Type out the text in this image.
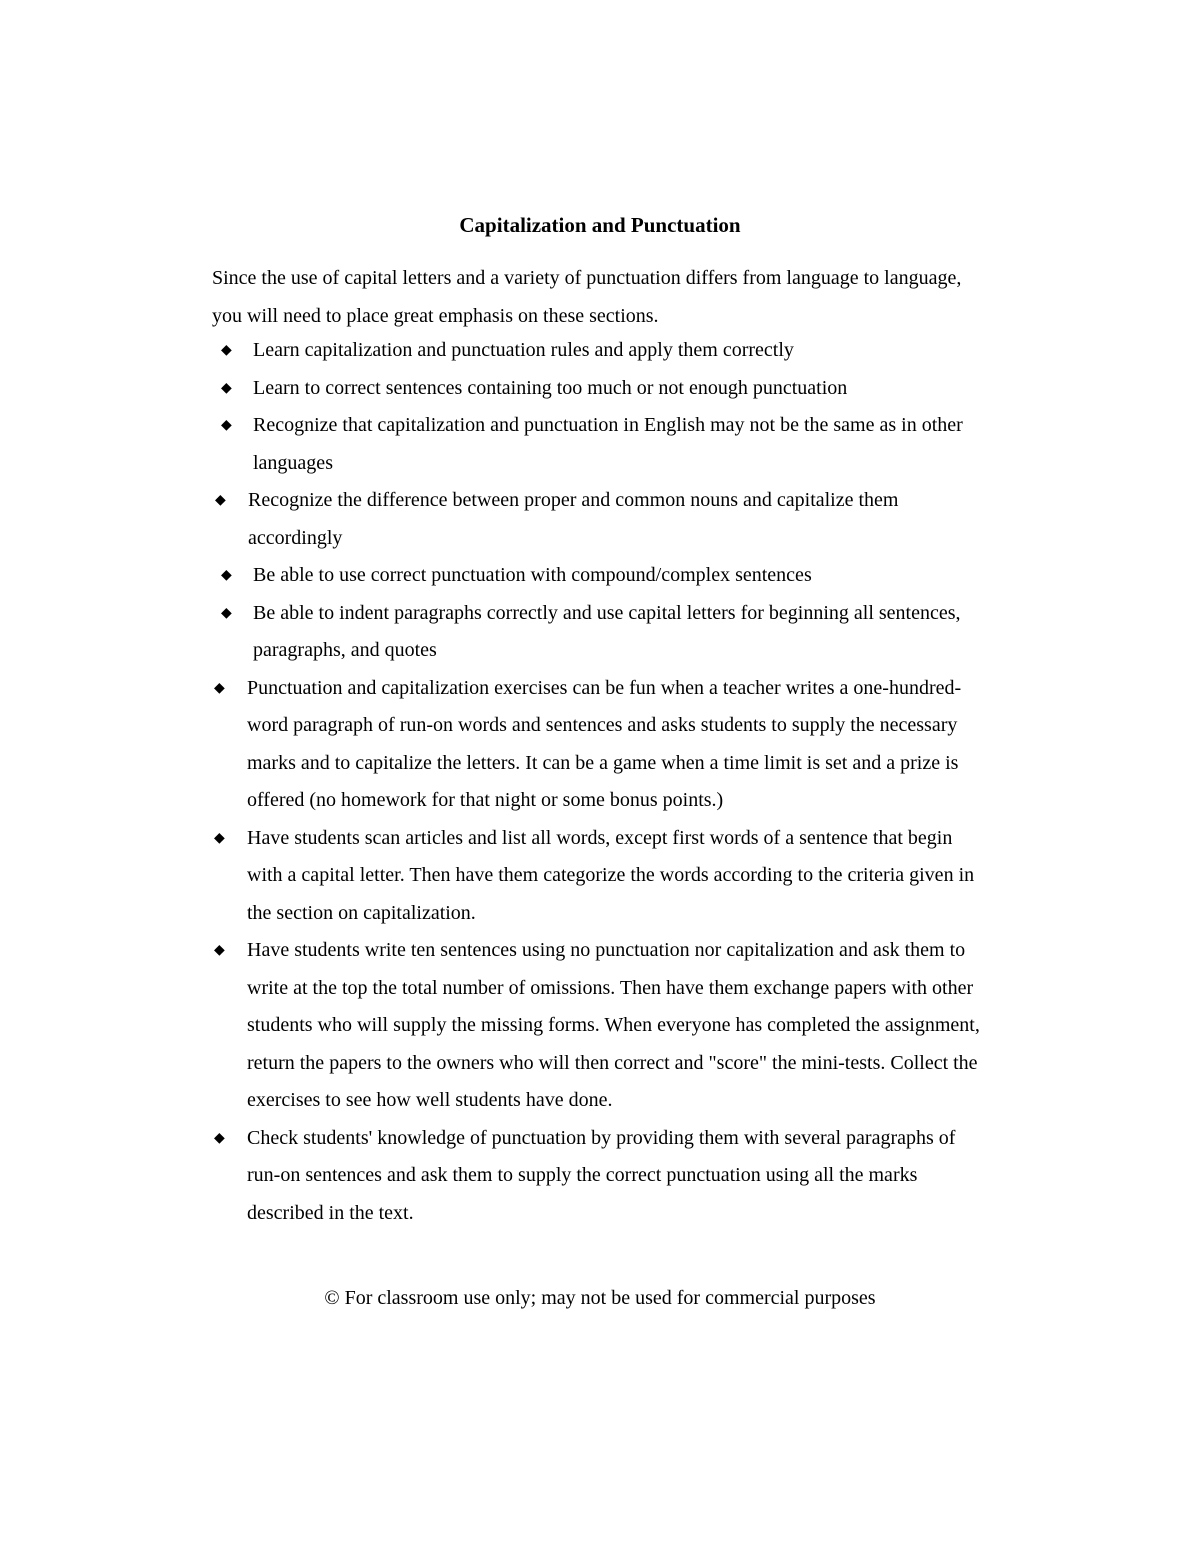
Capitalization and Punctuation

Since the use of capital letters and a variety of punctuation differs from language to language, you will need to place great emphasis on these sections.

◆ Learn capitalization and punctuation rules and apply them correctly
◆ Learn to correct sentences containing too much or not enough punctuation
◆ Recognize that capitalization and punctuation in English may not be the same as in other languages
◆ Recognize the difference between proper and common nouns and capitalize them accordingly
◆ Be able to use correct punctuation with compound/complex sentences
◆ Be able to indent paragraphs correctly and use capital letters for beginning all sentences, paragraphs, and quotes
◆ Punctuation and capitalization exercises can be fun when a teacher writes a one-hundred-word paragraph of run-on words and sentences and asks students to supply the necessary marks and to capitalize the letters. It can be a game when a time limit is set and a prize is offered (no homework for that night or some bonus points.)
◆ Have students scan articles and list all words, except first words of a sentence that begin with a capital letter. Then have them categorize the words according to the criteria given in the section on capitalization.
◆ Have students write ten sentences using no punctuation nor capitalization and ask them to write at the top the total number of omissions. Then have them exchange papers with other students who will supply the missing forms. When everyone has completed the assignment, return the papers to the owners who will then correct and "score" the mini-tests. Collect the exercises to see how well students have done.
◆ Check students' knowledge of punctuation by providing them with several paragraphs of run-on sentences and ask them to supply the correct punctuation using all the marks described in the text.

© For classroom use only; may not be used for commercial purposes
